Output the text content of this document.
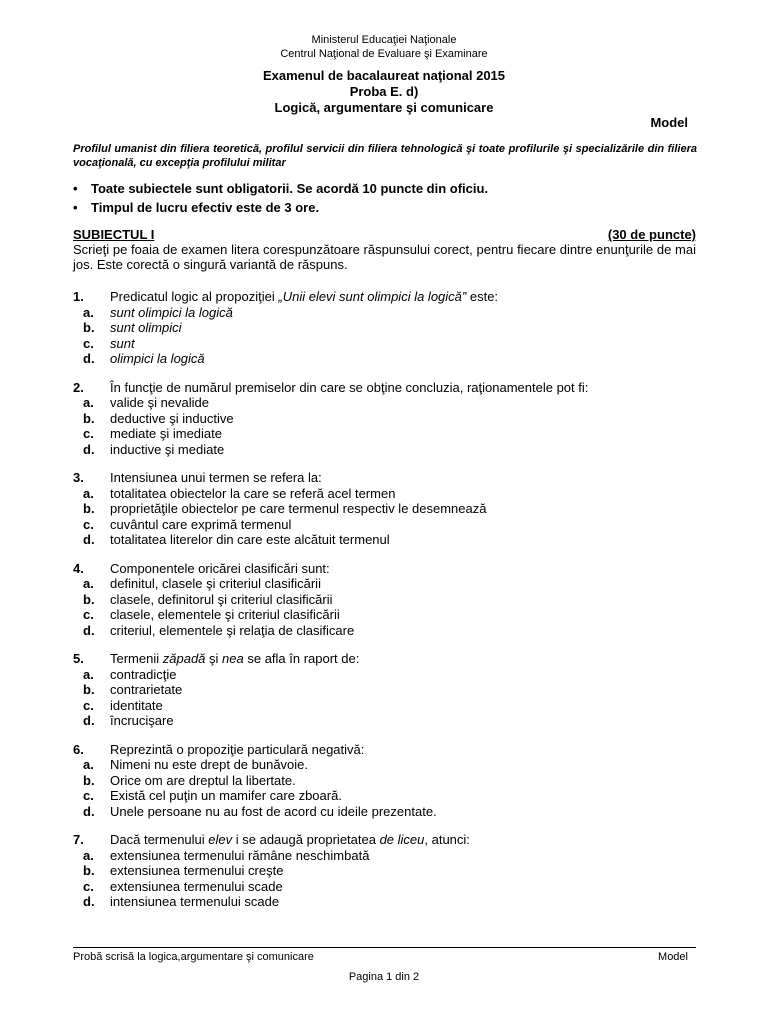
Ministerul Educaţiei Naţionale
Centrul Naţional de Evaluare şi Examinare
Examenul de bacalaureat naţional 2015
Proba E. d)
Logică, argumentare şi comunicare
Model
Profilul umanist din filiera teoretică, profilul servicii din filiera tehnologică şi toate profilurile şi specializările din filiera vocaţională, cu excepţia profilului militar
• Toate subiectele sunt obligatorii. Se acordă 10 puncte din oficiu.
• Timpul de lucru efectiv este de 3 ore.
SUBIECTUL I	(30 de puncte)
Scrieţi pe foaia de examen litera corespunzătoare răspunsului corect, pentru fiecare dintre enunţurile de mai jos. Este corectă o singură variantă de răspuns.
1.	Predicatul logic al propoziţiei „Unii elevi sunt olimpici la logică” este:
a.	sunt olimpici la logică
b.	sunt olimpici
c.	sunt
d.	olimpici la logică
2.	În funcţie de numărul premiselor din care se obţine concluzia, raţionamentele pot fi:
a.	valide şi nevalide
b.	deductive şi inductive
c.	mediate şi imediate
d.	inductive şi mediate
3.	Intensiunea unui termen se refera la:
a.	totalitatea obiectelor la care se referă acel termen
b.	proprietăţile obiectelor pe care termenul respectiv le desemnează
c.	cuvântul care exprimă termenul
d.	totalitatea literelor din care este alcătuit termenul
4.	Componentele oricărei clasificări sunt:
a.	definitul, clasele şi criteriul clasificării
b.	clasele, definitorul şi criteriul clasificării
c.	clasele, elementele şi criteriul clasificării
d.	criteriul, elementele şi relaţia de clasificare
5.	Termenii zăpadă şi nea se afla în raport de:
a.	contradicţie
b.	contrarietate
c.	identitate
d.	încrucişare
6.	Reprezintă o propoziţie particulară negativă:
a.	Nimeni nu este drept de bunăvoie.
b.	Orice om are dreptul la libertate.
c.	Există cel puţin un mamifer care zboară.
d.	Unele persoane nu au fost de acord cu ideile prezentate.
7.	Dacă termenului elev i se adaugă proprietatea de liceu, atunci:
a.	extensiunea termenului rămâne neschimbată
b.	extensiunea termenului creşte
c.	extensiunea termenului scade
d.	intensiunea termenului scade
Probă scrisă la logica,argumentare şi comunicare	Model
Pagina 1 din 2
